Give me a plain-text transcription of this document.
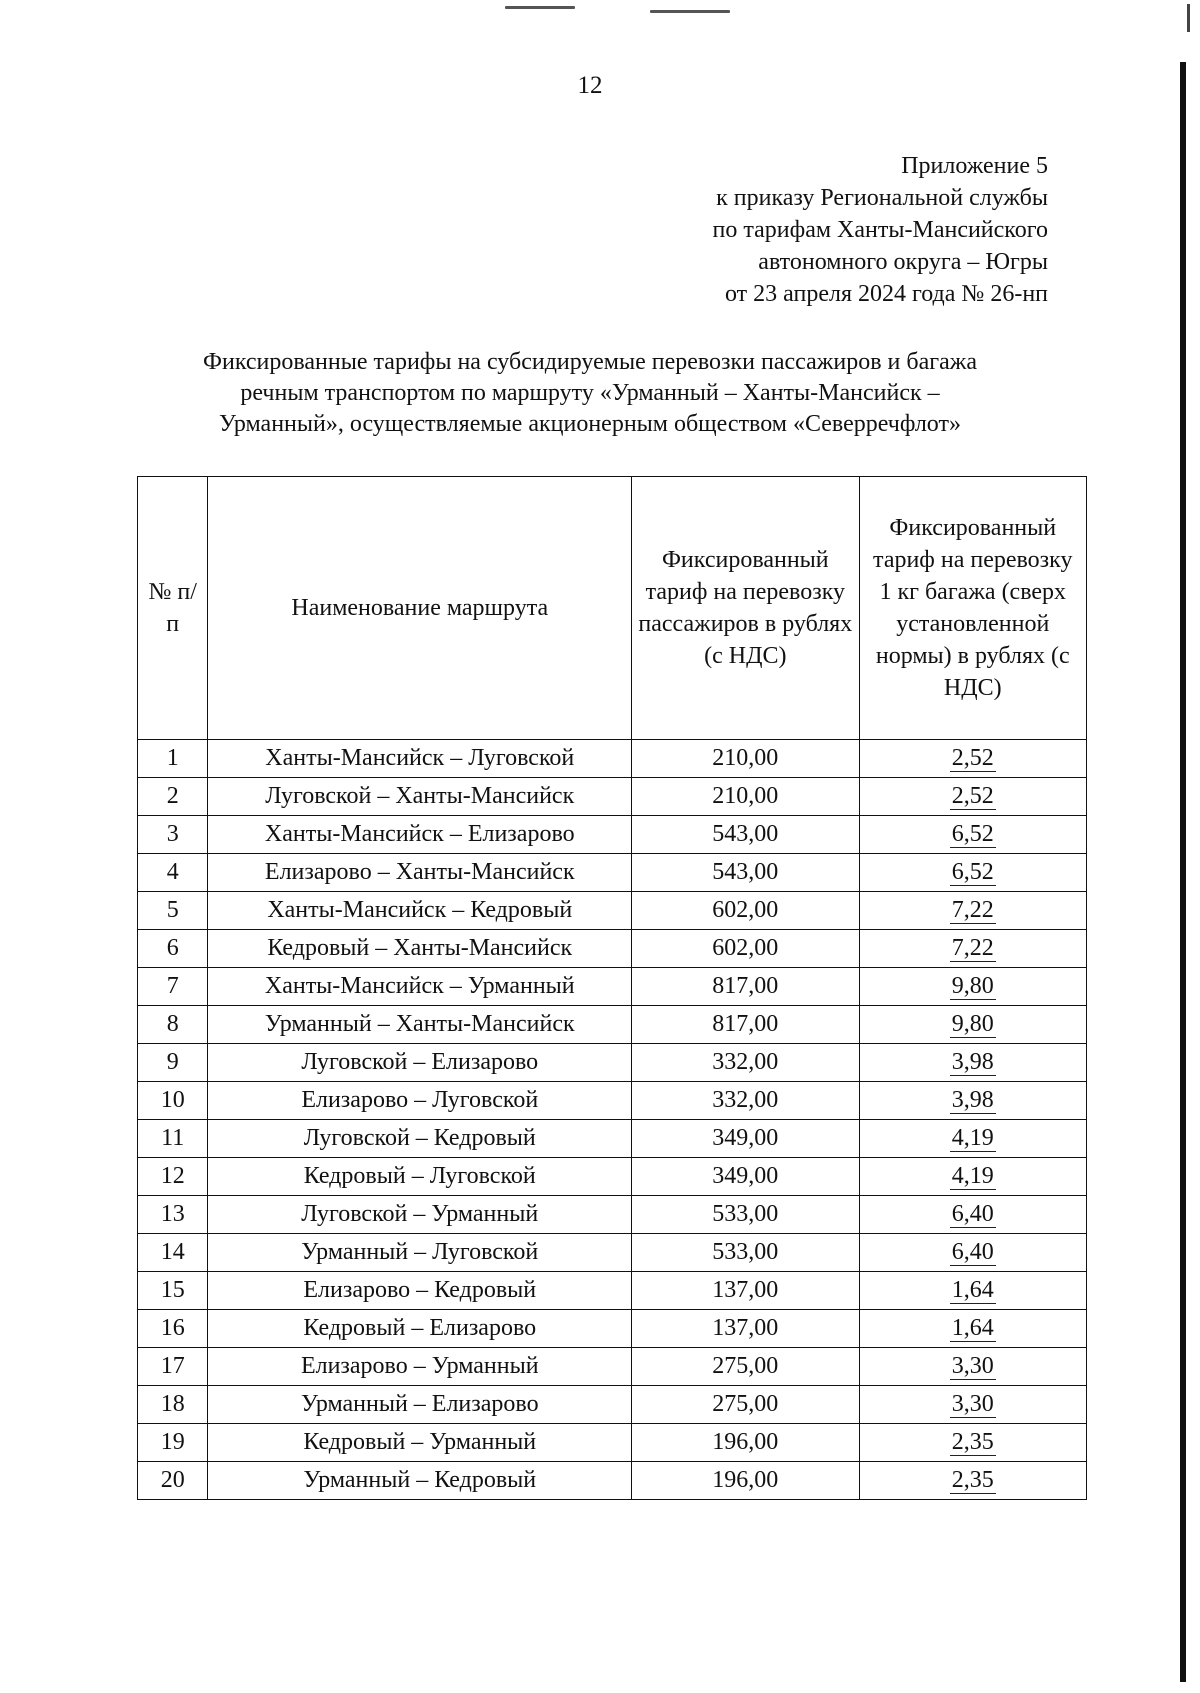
12
Приложение 5
к приказу Региональной службы
по тарифам Ханты-Мансийского
автономного округа – Югры
от 23 апреля 2024 года № 26-нп
Фиксированные тарифы на субсидируемые перевозки пассажиров и багажа
речным транспортом по маршруту «Урманный – Ханты-Мансийск –
Урманный», осуществляемые акционерным обществом «Северречфлот»
№ п/п	Наименование маршрута	Фиксированный тариф на перевозку пассажиров в рублях (с НДС)	Фиксированный тариф на перевозку 1 кг багажа (сверх установленной нормы) в рублях (с НДС)
1	Ханты-Мансийск – Луговской	210,00	2,52
2	Луговской – Ханты-Мансийск	210,00	2,52
3	Ханты-Мансийск – Елизарово	543,00	6,52
4	Елизарово – Ханты-Мансийск	543,00	6,52
5	Ханты-Мансийск – Кедровый	602,00	7,22
6	Кедровый – Ханты-Мансийск	602,00	7,22
7	Ханты-Мансийск – Урманный	817,00	9,80
8	Урманный – Ханты-Мансийск	817,00	9,80
9	Луговской – Елизарово	332,00	3,98
10	Елизарово – Луговской	332,00	3,98
11	Луговской – Кедровый	349,00	4,19
12	Кедровый – Луговской	349,00	4,19
13	Луговской – Урманный	533,00	6,40
14	Урманный – Луговской	533,00	6,40
15	Елизарово – Кедровый	137,00	1,64
16	Кедровый – Елизарово	137,00	1,64
17	Елизарово – Урманный	275,00	3,30
18	Урманный – Елизарово	275,00	3,30
19	Кедровый – Урманный	196,00	2,35
20	Урманный – Кедровый	196,00	2,35
